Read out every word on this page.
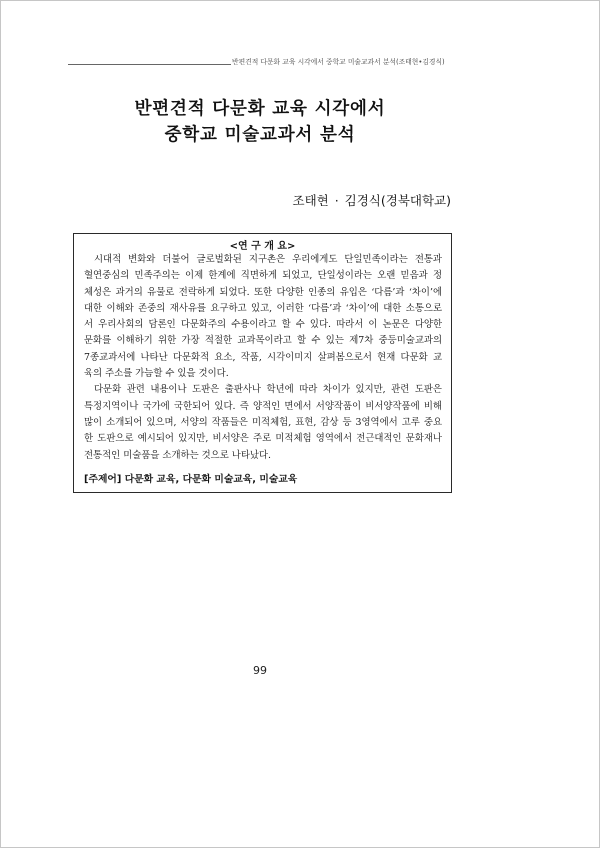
반편견적 다문화 교육 시각에서 중학교 미술교과서 분석(조태현•김경식)
반편견적 다문화 교육 시각에서
중학교 미술교과서 분석
조태현 · 김경식(경북대학교)
<연 구 개 요>
시대적 변화와 더불어 글로벌화된 지구촌은 우리에게도 단일민족이라는 전통과
혈연중심의 민족주의는 이제 한계에 직면하게 되었고, 단일성이라는 오랜 믿음과 정
체성은 과거의 유물로 전락하게 되었다. 또한 다양한 인종의 유입은 ‘다름’과 ‘차이’에
대한 이해와 존중의 재사유를 요구하고 있고, 이러한 ‘다름’과 ‘차이’에 대한 소통으로
서 우리사회의 담론인 다문화주의 수용이라고 할 수 있다. 따라서 이 논문은 다양한
문화를 이해하기 위한 가장 적절한 교과목이라고 할 수 있는 제7차 중등미술교과의
7종교과서에 나타난 다문화적 요소, 작품, 시각이미지 살펴봄으로서 현재 다문화 교
육의 주소를 가늠할 수 있을 것이다.
다문화 관련 내용이나 도판은 출판사나 학년에 따라 차이가 있지만, 관련 도판은
특정지역이나 국가에 국한되어 있다. 즉 양적인 면에서 서양작품이 비서양작품에 비해
많이 소개되어 있으며, 서양의 작품들은 미적체험, 표현, 감상 등 3영역에서 고루 중요
한 도판으로 예시되어 있지만, 비서양은 주로 미적체험 영역에서 전근대적인 문화재나
전통적인 미술품을 소개하는 것으로 나타났다.
[주제어] 다문화 교육, 다문화 미술교육, 미술교육
99
